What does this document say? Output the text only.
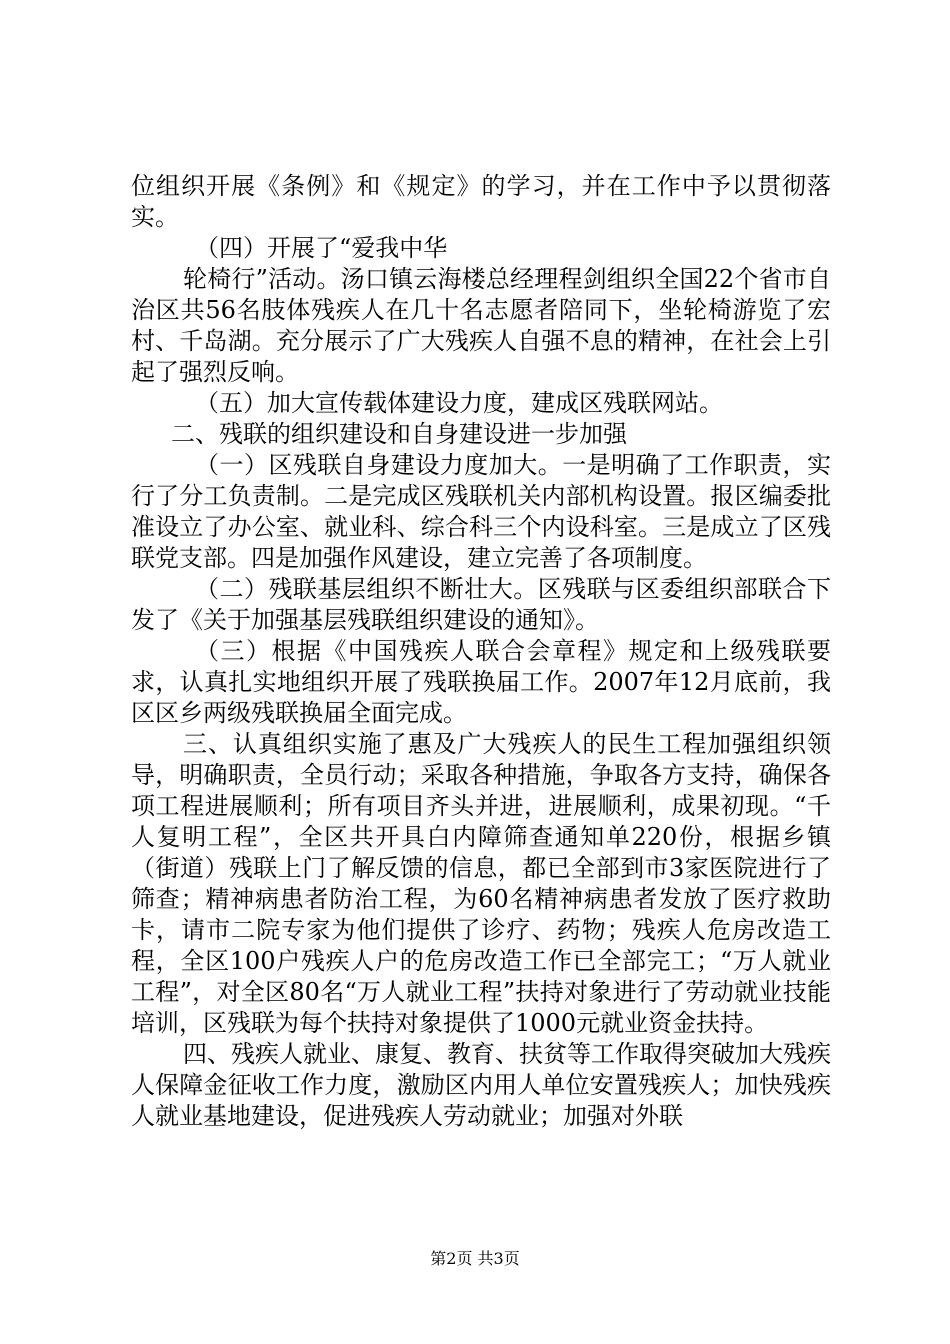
位组织开展《条例》和《规定》的学习，并在工作中予以贯彻落实。

（四）开展了“爱我中华

轮椅行”活动。汤口镇云海楼总经理程剑组织全国22个省市自治区共56名肢体残疾人在几十名志愿者陪同下，坐轮椅游览了宏村、千岛湖。充分展示了广大残疾人自强不息的精神，在社会上引起了强烈反响。

（五）加大宣传载体建设力度，建成区残联网站。

二、残联的组织建设和自身建设进一步加强

（一）区残联自身建设力度加大。一是明确了工作职责，实行了分工负责制。二是完成区残联机关内部机构设置。报区编委批准设立了办公室、就业科、综合科三个内设科室。三是成立了区残联党支部。四是加强作风建设，建立完善了各项制度。

（二）残联基层组织不断壮大。区残联与区委组织部联合下发了《关于加强基层残联组织建设的通知》。

（三）根据《中国残疾人联合会章程》规定和上级残联要求，认真扎实地组织开展了残联换届工作。2007年12月底前，我区区乡两级残联换届全面完成。

三、认真组织实施了惠及广大残疾人的民生工程加强组织领导，明确职责，全员行动；采取各种措施，争取各方支持，确保各项工程进展顺利；所有项目齐头并进，进展顺利，成果初现。“千人复明工程”，全区共开具白内障筛查通知单220份，根据乡镇（街道）残联上门了解反馈的信息，都已全部到市3家医院进行了筛查；精神病患者防治工程，为60名精神病患者发放了医疗救助卡，请市二院专家为他们提供了诊疗、药物；残疾人危房改造工程，全区100户残疾人户的危房改造工作已全部完工；“万人就业工程”，对全区80名“万人就业工程”扶持对象进行了劳动就业技能培训，区残联为每个扶持对象提供了1000元就业资金扶持。

四、残疾人就业、康复、教育、扶贫等工作取得突破加大残疾人保障金征收工作力度，激励区内用人单位安置残疾人；加快残疾人就业基地建设，促进残疾人劳动就业；加强对外联

第2页 共3页
